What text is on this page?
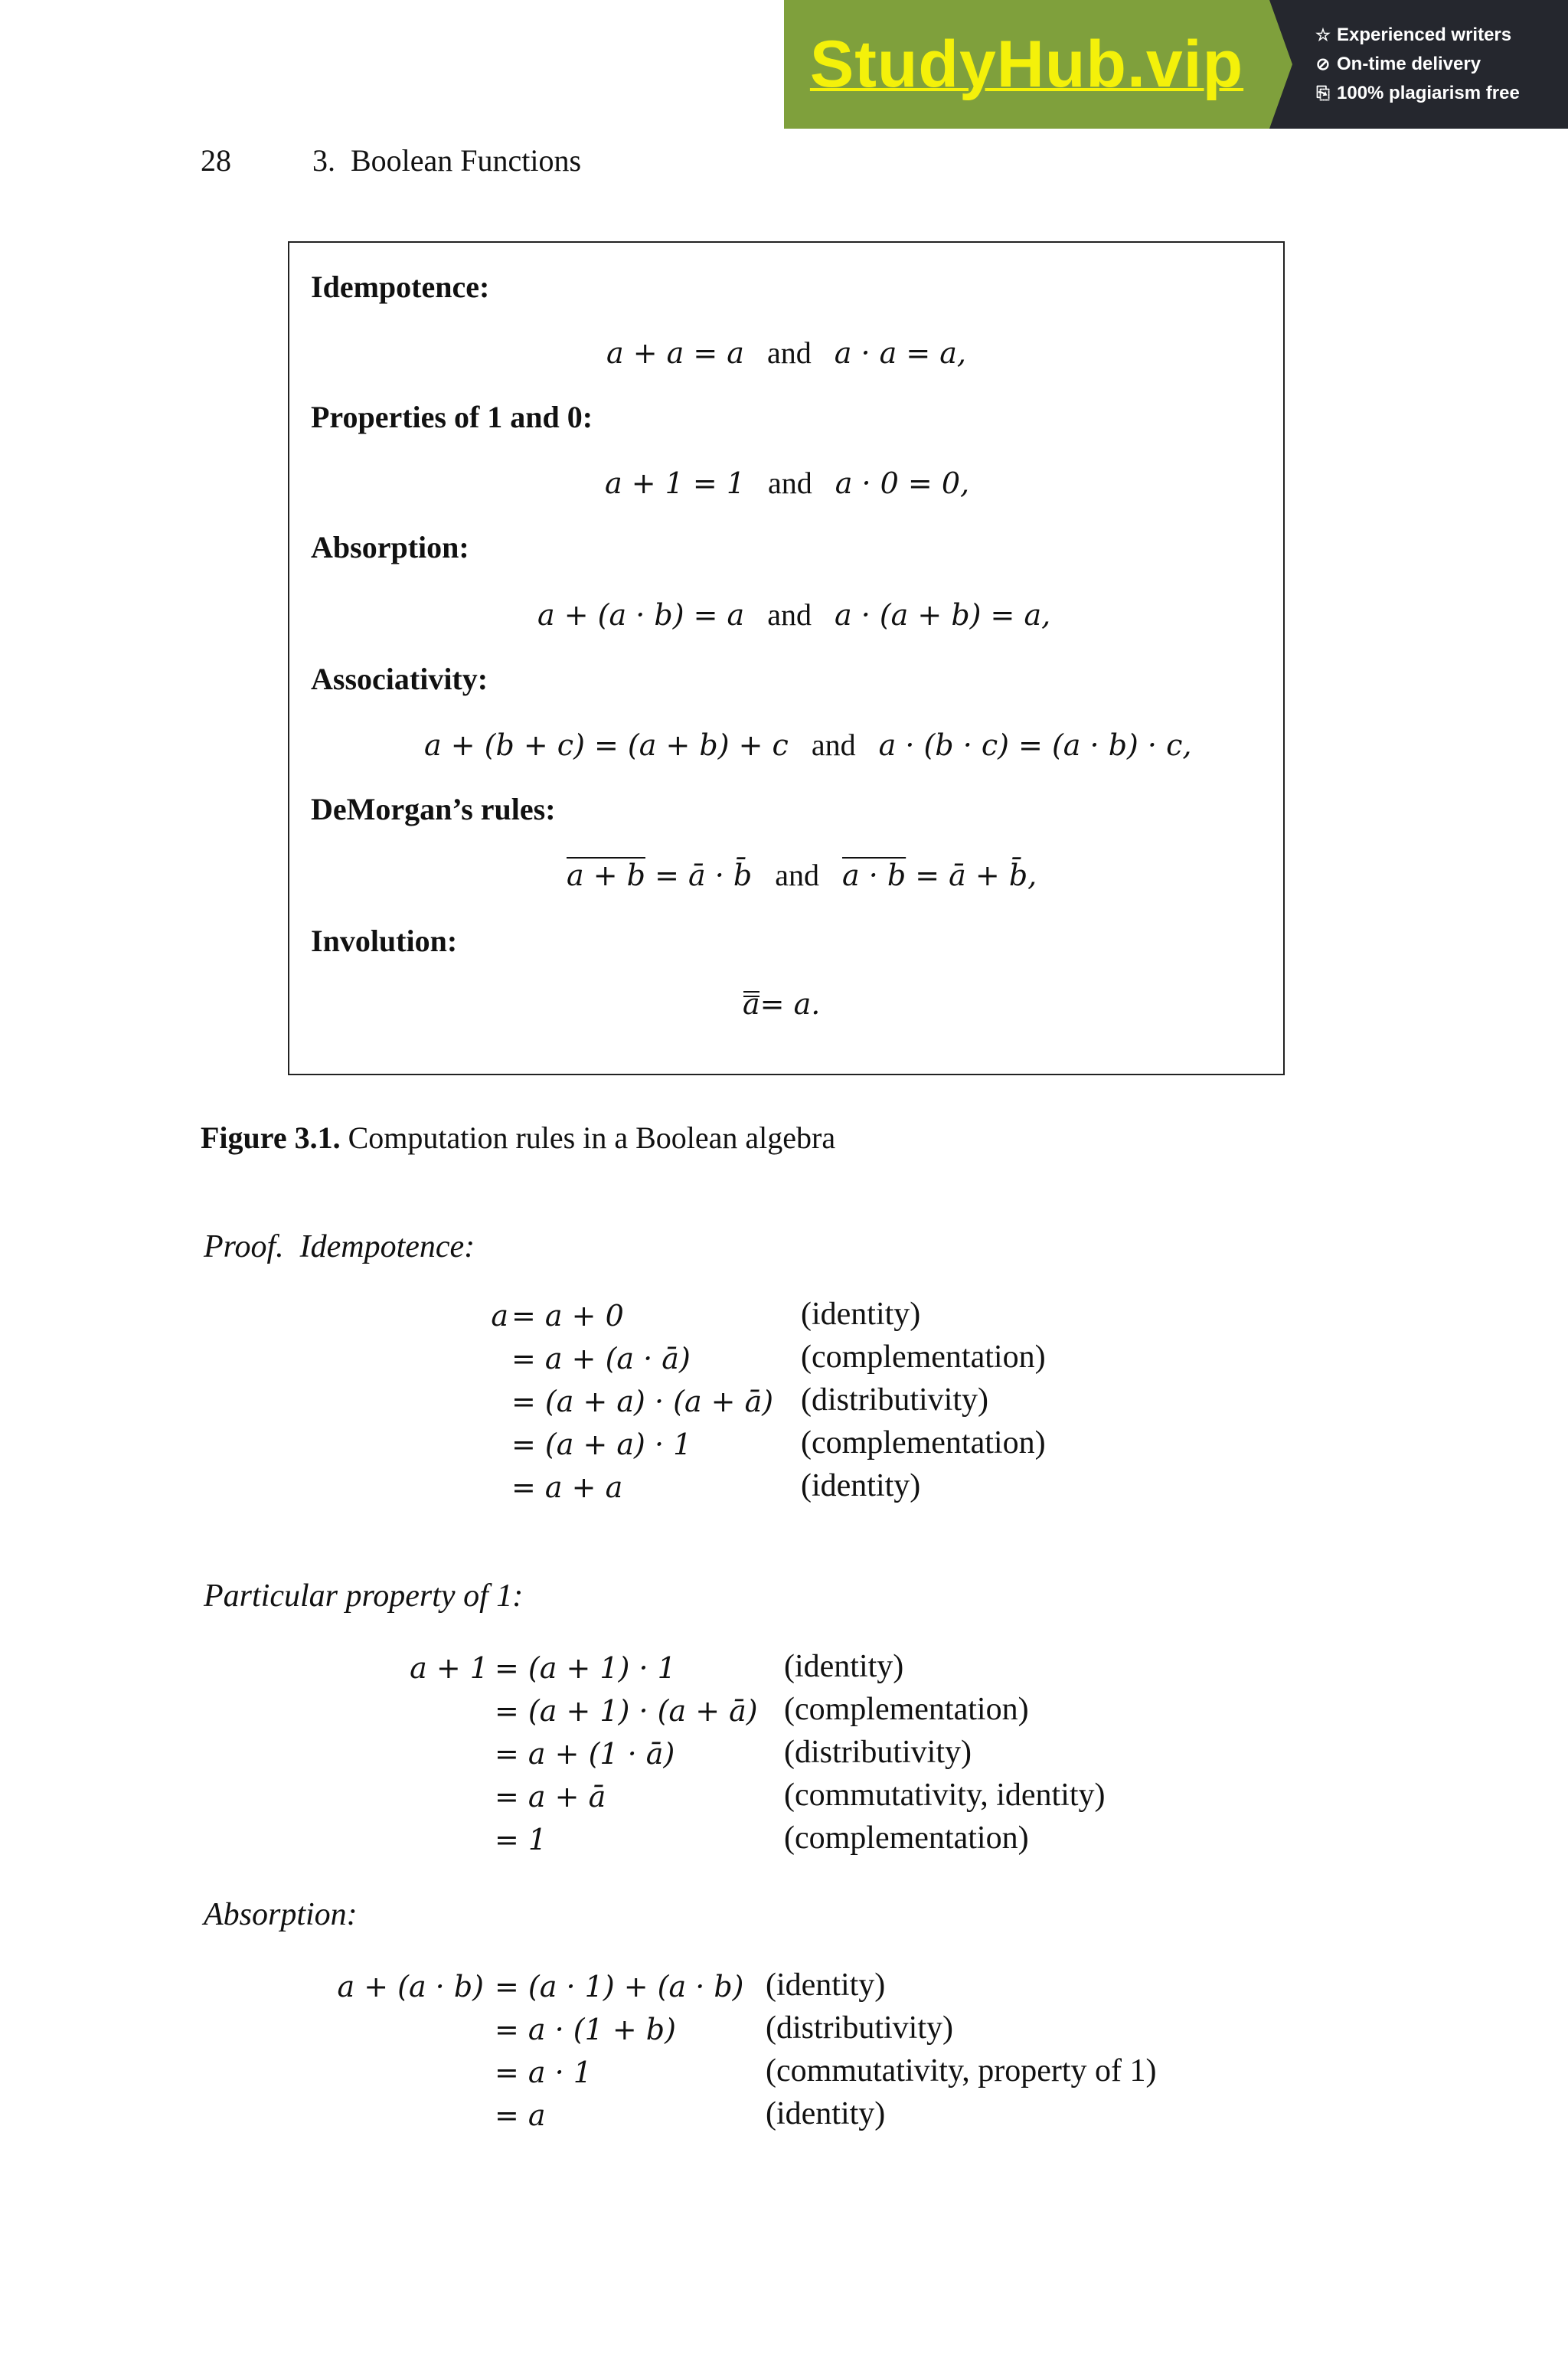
StudyHub.vip	☆ Experienced writers
⊘ On-time delivery
⎘ 100% plagiarism free
28	3.  Boolean Functions
Idempotence:
a + a = a and a · a = a,
Properties of 1 and 0:
a + 1 = 1 and a · 0 = 0,
Absorption:
a + (a · b) = a and a · (a + b) = a,
Associativity:
a + (b + c) = (a + b) + c and a · (b · c) = (a · b) · c,
DeMorgan’s rules:
a + b = ā · b̄ and a · b = ā + b̄,
Involution:
a
= a.
Figure 3.1. Computation rules in a Boolean algebra
Proof. Idempotence:
a = a + 0	(identity)
= a + (a · ā)	(complementation)
= (a + a) · (a + ā) (distributivity)
= (a + a) · 1	(complementation)
= a + a	(identity)
Particular property of 1:
a + 1 = (a + 1) · 1	(identity)
= (a + 1) · (a + ā) (complementation)
= a + (1 · ā)	(distributivity)
= a + ā	(commutativity, identity)
= 1	(complementation)
Absorption:
a + (a · b) = (a · 1) + (a · b) (identity)
= a · (1 + b)	(distributivity)
= a · 1	(commutativity, property of 1)
= a	(identity)
